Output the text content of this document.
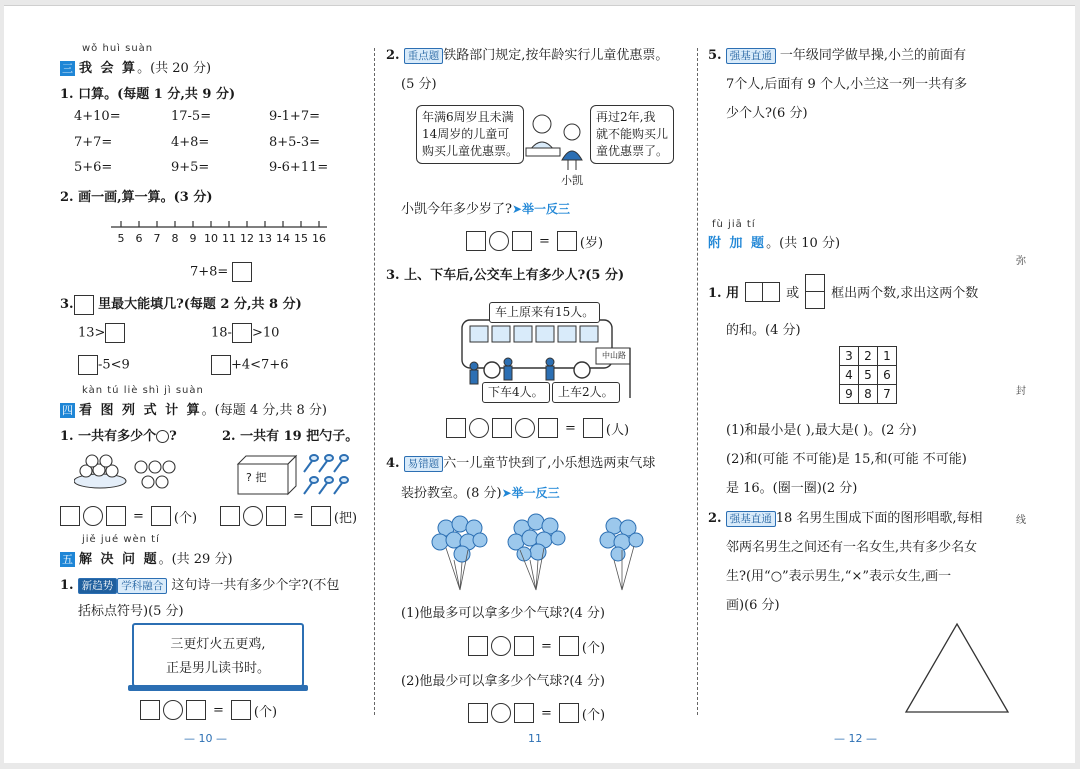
wǒ huì suàn
三 我 会 算。(共 20 分)
1. 口算。(每题 1 分,共 9 分)
4+10=	17-5=	9-1+7=
7+7=	4+8=	8+5-3=
5+6=	9+5=	9-6+11=
2. 画一画,算一算。(3 分)
5 6 7 8 9 10 11 12 13 14 15 16
7+8=
3. 里最大能填几?(每题 2 分,共 8 分)
13>	18- >10
-5<9	+4<7+6
kàn tú liè shì jì suàn
四 看 图 列 式 计 算。(每题 4 分,共 8 分)
1. 一共有多少个 ?	2. 一共有 19 把勺子。
? 把
= (个)	= (把)
jiě jué wèn tí
五 解 决 问 题。(共 29 分)
1. 新趋势 学科融合 这句诗一共有多少个字?(不包
括标点符号)(5 分)
三更灯火五更鸡,
正是男儿读书时。
= (个)
— 10 —
2. 重点题 铁路部门规定,按年龄实行儿童优惠票。
(5 分)
年满6周岁且未满
14周岁的儿童可
购买儿童优惠票。
再过2年,我
就不能购买儿
童优惠票了。
小凯
小凯今年多少岁了?➤举一反三
= (岁)
3. 上、下车后,公交车上有多少人?(5 分)
中山路
车上原来有15人。
下车4人。	上车2人。
= (人)
4. 易错题 六一儿童节快到了,小乐想选两束气球
装扮教室。(8 分)➤举一反三
(1)他最多可以拿多少个气球?(4 分)
= (个)
(2)他最少可以拿多少个气球?(4 分)
= (个)
11
5. 强基直通 一年级同学做早操,小兰的前面有
7个人,后面有 9 个人,小兰这一列一共有多
少个人?(6 分)
fù jiā tí
附 加 题。(共 10 分)
1. 用	或 框出两个数,求出这两个数
的和。(4 分)
3	2	1
4	5	6
9	8	7
(1)和最小是( ),最大是( )。(2 分)
(2)和(可能 不可能)是 15,和(可能 不可能)
是 16。(圈一圈)(2 分)
2. 强基直通 18 名男生围成下面的图形唱歌,每相
邻两名男生之间还有一名女生,共有多少名女
生?(用“○”表示男生,“×”表示女生,画一
画)(6 分)
— 12 —
弥
封
线
